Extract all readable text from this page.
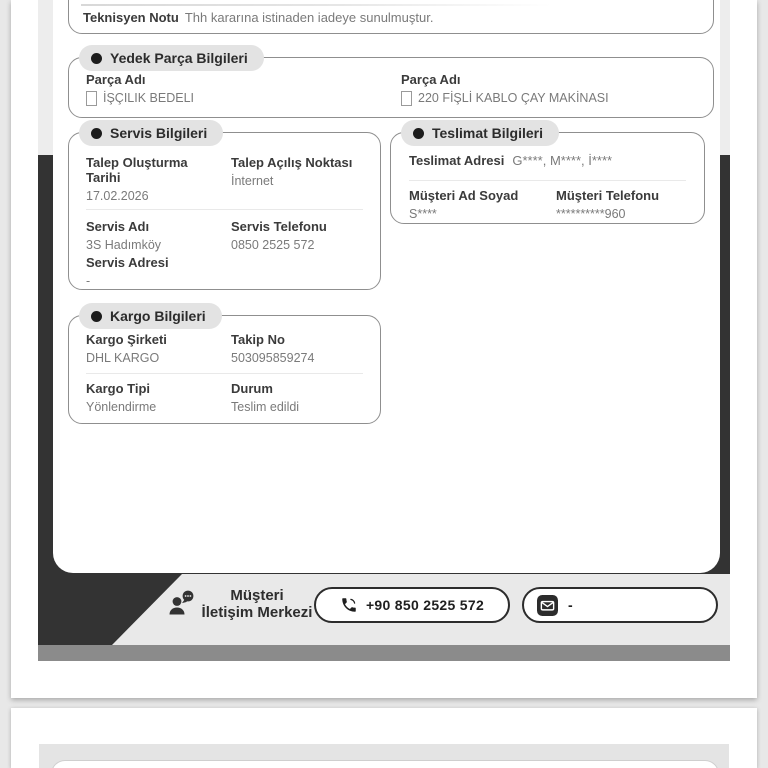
Teknisyen Notu Thh kararına istinaden iadeye sunulmuştur.
Yedek Parça Bilgileri
Parça Adı
İŞÇILIK BEDELI
Parça Adı
220 FİŞLİ KABLO ÇAY MAKİNASI
Servis Bilgileri
Talep Oluşturma Tarihi
17.02.2026
Talep Açılış Noktası
İnternet
Servis Adı
3S Hadımköy
Servis Telefonu
0850 2525 572
Servis Adresi
-
Teslimat Bilgileri
Teslimat Adresi G****, M****, İ****
Müşteri Ad Soyad
S****
Müşteri Telefonu
**********960
Kargo Bilgileri
Kargo Şirketi
DHL KARGO
Takip No
503095859274
Kargo Tipi
Yönlendirme
Durum
Teslim edildi
Müşteri
İletişim Merkezi	+90 850 2525 572	-
